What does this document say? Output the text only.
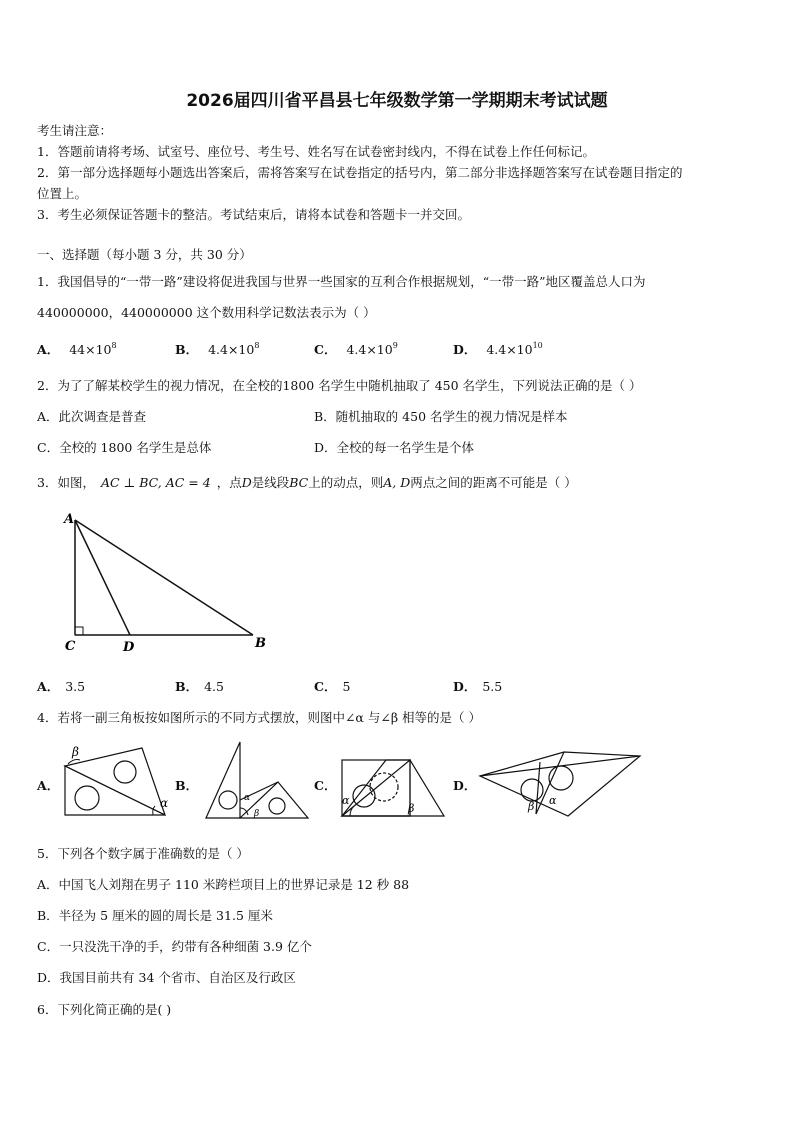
2026届四川省平昌县七年级数学第一学期期末考试试题
考生请注意：
1．答题前请将考场、试室号、座位号、考生号、姓名写在试卷密封线内，不得在试卷上作任何标记。
2．第一部分选择题每小题选出答案后，需将答案写在试卷指定的括号内，第二部分非选择题答案写在试卷题目指定的
位置上。
3．考生必须保证答题卡的整洁。考试结束后，请将本试卷和答题卡一并交回。
一、选择题（每小题 3 分，共 30 分）
1．我国倡导的“一带一路”建设将促进我国与世界一些国家的互利合作根据规划，“一带一路”地区覆盖总人口为
440000000，440000000 这个数用科学记数法表示为（ ）
A． $44\times 10^8$	B． $4.4\times 10^8$	C． $4.4\times 10^9$	D． $4.4\times 10^{10}$
2．为了了解某校学生的视力情况，在全校的1800 名学生中随机抽取了 450 名学生，下列说法正确的是（ ）
A．此次调查是普查	B．随机抽取的 450 名学生的视力情况是样本
C．全校的 1800 名学生是总体	D．全校的每一名学生是个体
3．如图， AC ⊥ BC, AC = 4 ，点D是线段BC上的动点，则A, D两点之间的距离不可能是（ ）
A
C	D	B
A． 3.5	B． 4.5	C． 5	D． 5.5
4．若将一副三角板按如图所示的不同方式摆放，则图中∠α 与∠β 相等的是（ ）
A．	B．	C．	D．
β
α	α
β
α
β	β α
5．下列各个数字属于准确数的是（ ）
A．中国飞人刘翔在男子 110 米跨栏项目上的世界记录是 12 秒 88
B．半径为 5 厘米的圆的周长是 31.5 厘米
C．一只没洗干净的手，约带有各种细菌 3.9 亿个
D．我国目前共有 34 个省市、自治区及行政区
6．下列化简正确的是( )
